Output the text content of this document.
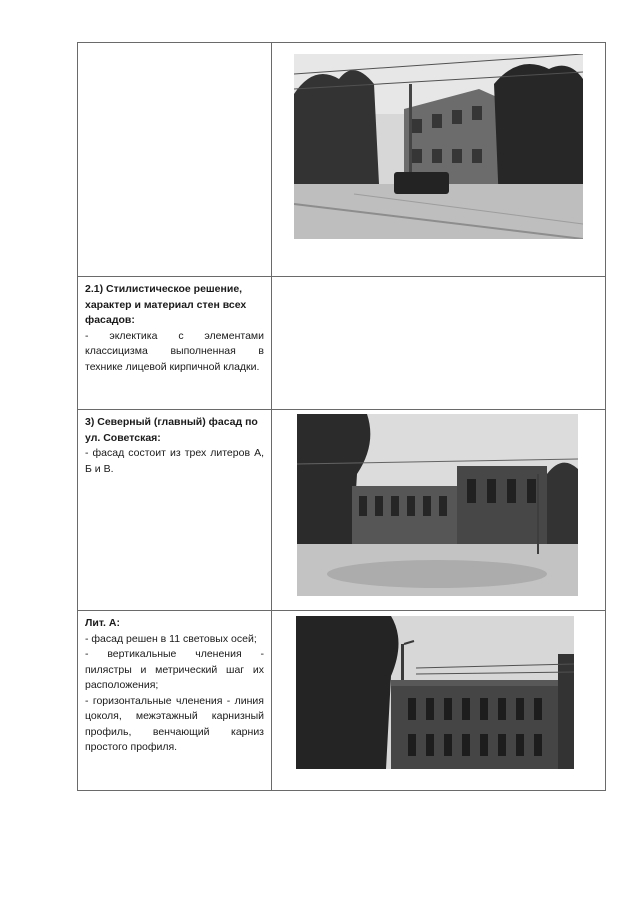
2.1) Стилистическое решение, характер и материал стен всех фасадов:
- эклектика с элементами классицизма выполненная в технике лицевой кирпичной кладки.	

3) Северный (главный) фасад по ул. Советская:
- фасад состоит из трех литеров А, Б и В.	

Лит. А:
- фасад решен в 11 световых осей;
- вертикальные членения - пилястры и метрический шаг их расположения;
- горизонтальные членения - линия цоколя, межэтажный карнизный профиль, венчающий карниз простого профиля.	
